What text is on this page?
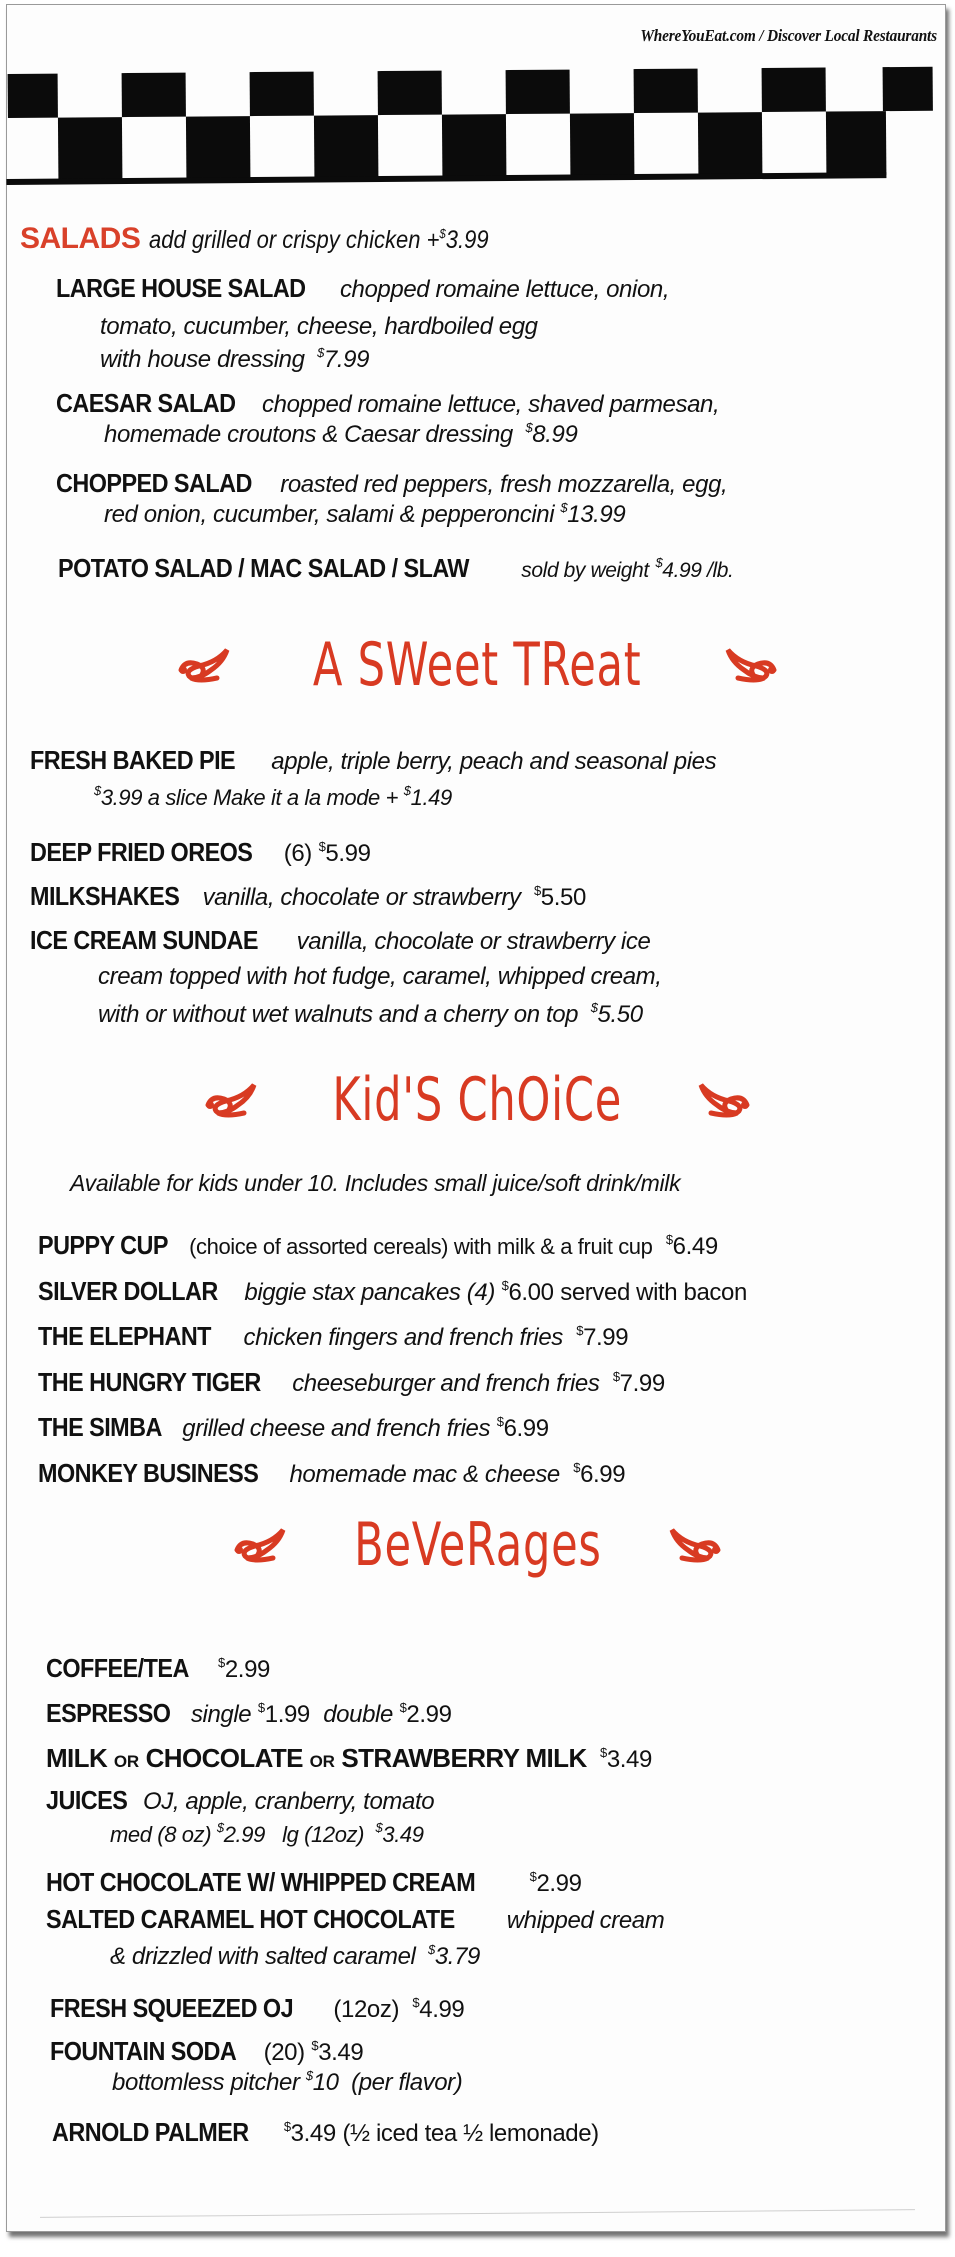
WhereYouEat.com / Discover Local Restaurants
SALADS add grilled or crispy chicken +$3.99
LARGE HOUSE SALAD chopped romaine lettuce, onion,
tomato, cucumber, cheese, hardboiled egg
with house dressing $7.99
CAESAR SALAD chopped romaine lettuce, shaved parmesan,
homemade croutons & Caesar dressing $8.99
CHOPPED SALAD roasted red peppers, fresh mozzarella, egg,
red onion, cucumber, salami & pepperoncini $13.99
POTATO SALAD / MAC SALAD / SLAW sold by weight $4.99 /lb.
A SWeet TReat
FRESH BAKED PIE apple, triple berry, peach and seasonal pies
$3.99 a slice Make it a la mode + $1.49
DEEP FRIED OREOS (6) $5.99
MILKSHAKES vanilla, chocolate or strawberry $5.50
ICE CREAM SUNDAE vanilla, chocolate or strawberry ice
cream topped with hot fudge, caramel, whipped cream,
with or without wet walnuts and a cherry on top $5.50
Kid'S ChOiCe
Available for kids under 10. Includes small juice/soft drink/milk
PUPPY CUP (choice of assorted cereals) with milk & a fruit cup $6.49
SILVER DOLLAR biggie stax pancakes (4) $6.00 served with bacon
THE ELEPHANT chicken fingers and french fries $7.99
THE HUNGRY TIGER cheeseburger and french fries $7.99
THE SIMBA grilled cheese and french fries $6.99
MONKEY BUSINESS homemade mac & cheese $6.99
BeVeRages
COFFEE/TEA $2.99
ESPRESSO single $1.99 double $2.99
MILK OR CHOCOLATE OR STRAWBERRY MILK $3.49
JUICES OJ, apple, cranberry, tomato
med (8 oz) $2.99 lg (12oz) $3.49
HOT CHOCOLATE W/ WHIPPED CREAM	$2.99
SALTED CARAMEL HOT CHOCOLATE whipped cream
& drizzled with salted caramel $3.79
FRESH SQUEEZED OJ (12oz) $4.99
FOUNTAIN SODA (20) $3.49
bottomless pitcher $10 (per flavor)
ARNOLD PALMER	$3.49 (½ iced tea ½ lemonade)
